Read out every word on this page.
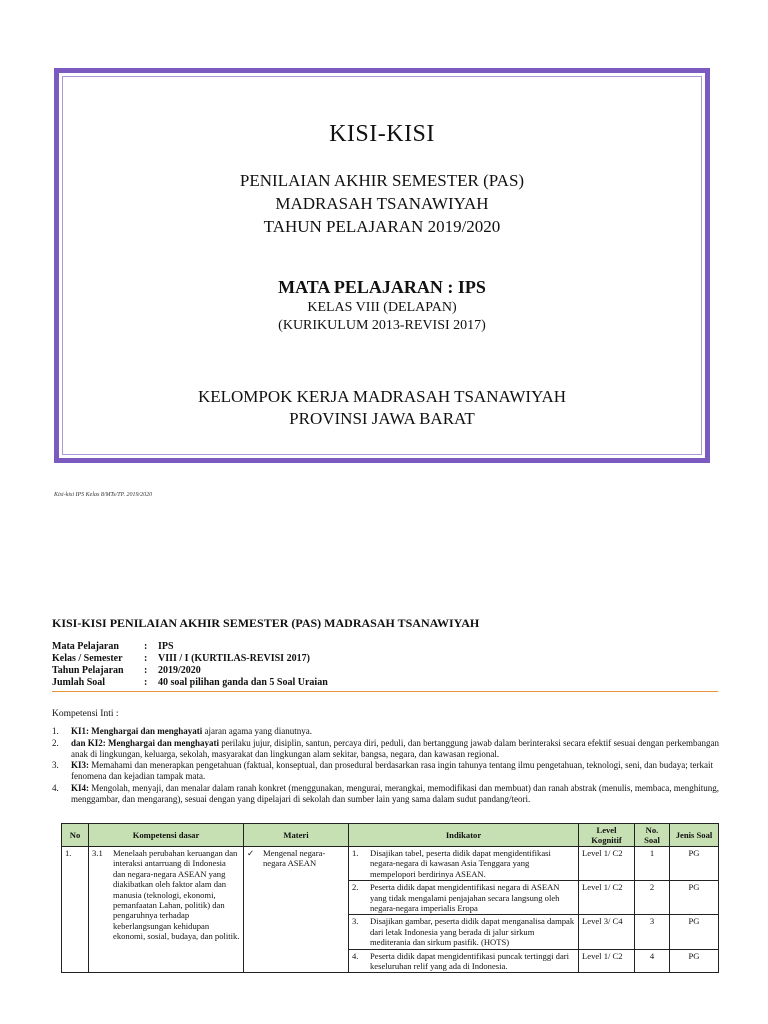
KISI-KISI
PENILAIAN AKHIR SEMESTER (PAS)
MADRASAH TSANAWIYAH
TAHUN PELAJARAN 2019/2020
MATA PELAJARAN : IPS
KELAS VIII (DELAPAN)
(KURIKULUM 2013-REVISI 2017)
KELOMPOK KERJA MADRASAH TSANAWIYAH
PROVINSI JAWA BARAT
Kisi-kisi IPS Kelas 8/MTs/TP. 2019/2020
KISI-KISI PENILAIAN AKHIR SEMESTER (PAS) MADRASAH TSANAWIYAH
Mata Pelajaran	:	IPS
Kelas / Semester	:	VIII / I (KURTILAS-REVISI 2017)
Tahun Pelajaran	:	2019/2020
Jumlah Soal	:	40 soal pilihan ganda dan 5 Soal Uraian
Kompetensi Inti :
1. KI1: Menghargai dan menghayati ajaran agama yang dianutnya.
2. dan KI2: Menghargai dan menghayati perilaku jujur, disiplin, santun, percaya diri, peduli, dan bertanggung jawab dalam berinteraksi secara efektif sesuai dengan perkembangan anak di lingkungan, keluarga, sekolah, masyarakat dan lingkungan alam sekitar, bangsa, negara, dan kawasan regional.
3. KI3: Memahami dan menerapkan pengetahuan (faktual, konseptual, dan prosedural berdasarkan rasa ingin tahunya tentang ilmu pengetahuan, teknologi, seni, dan budaya; terkait fenomena dan kejadian tampak mata.
4. KI4: Mengolah, menyaji, dan menalar dalam ranah konkret (menggunakan, mengurai, merangkai, memodifikasi dan membuat) dan ranah abstrak (menulis, membaca, menghitung, menggambar, dan mengarang), sesuai dengan yang dipelajari di sekolah dan sumber lain yang sama dalam sudut pandang/teori.
No	Kompetensi dasar	Materi	Indikator	Level Kognitif	No. Soal	Jenis Soal
1.	3.1 Menelaah perubahan keruangan dan interaksi antarruang di Indonesia dan negara-negara ASEAN yang diakibatkan oleh faktor alam dan manusia (teknologi, ekonomi, pemanfaatan Lahan, politik) dan pengaruhnya terhadap keberlangsungan kehidupan ekonomi, sosial, budaya, dan politik.	✓ Mengenal negara-negara ASEAN	1. Disajikan tabel, peserta didik dapat mengidentifikasi negara-negara di kawasan Asia Tenggara yang mempelopori berdirinya ASEAN.	Level 1/ C2	1	PG

			2. Peserta didik dapat mengidentifikasi negara di ASEAN yang tidak mengalami penjajahan secara langsung oleh negara-negara imperialis Eropa	Level 1/ C2	2	PG

			3. Disajikan gambar, peserta didik dapat menganalisa dampak dari letak Indonesia yang berada di jalur sirkum mediterania dan sirkum pasifik. (HOTS)	Level 3/ C4	3	PG

			4. Peserta didik dapat mengidentifikasi puncak tertinggi dari keseluruhan relif yang ada di Indonesia.	Level 1/ C2	4	PG
